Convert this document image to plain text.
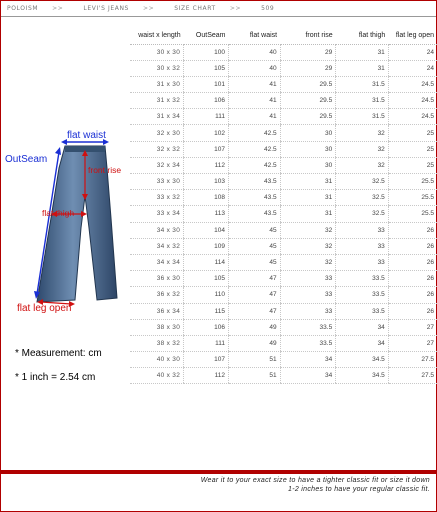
POLOISM >>	LEVI'S JEANS >>	SIZE CHART >>	509
flat waist
OutSeam
front rise
flat thigh
flat leg open
* Measurement: cm
* 1 inch = 2.54 cm
waist x length	OutSeam	flat waist	front rise	flat thigh	flat leg open
30 x 30	100	40	29	31	24
30 x 32	105	40	29	31	24
31 x 30	101	41	29.5	31.5	24.5
31 x 32	106	41	29.5	31.5	24.5
31 x 34	111	41	29.5	31.5	24.5
32 x 30	102	42.5	30	32	25
32 x 32	107	42.5	30	32	25
32 x 34	112	42.5	30	32	25
33 x 30	103	43.5	31	32.5	25.5
33 x 32	108	43.5	31	32.5	25.5
33 x 34	113	43.5	31	32.5	25.5
34 x 30	104	45	32	33	26
34 x 32	109	45	32	33	26
34 x 34	114	45	32	33	26
36 x 30	105	47	33	33.5	26
36 x 32	110	47	33	33.5	26
36 x 34	115	47	33	33.5	26
38 x 30	106	49	33.5	34	27
38 x 32	111	49	33.5	34	27
40 x 30	107	51	34	34.5	27.5
40 x 32	112	51	34	34.5	27.5
Wear it to your exact size to have a tighter classic fit or size it down
1-2 inches to have your regular classic fit.
